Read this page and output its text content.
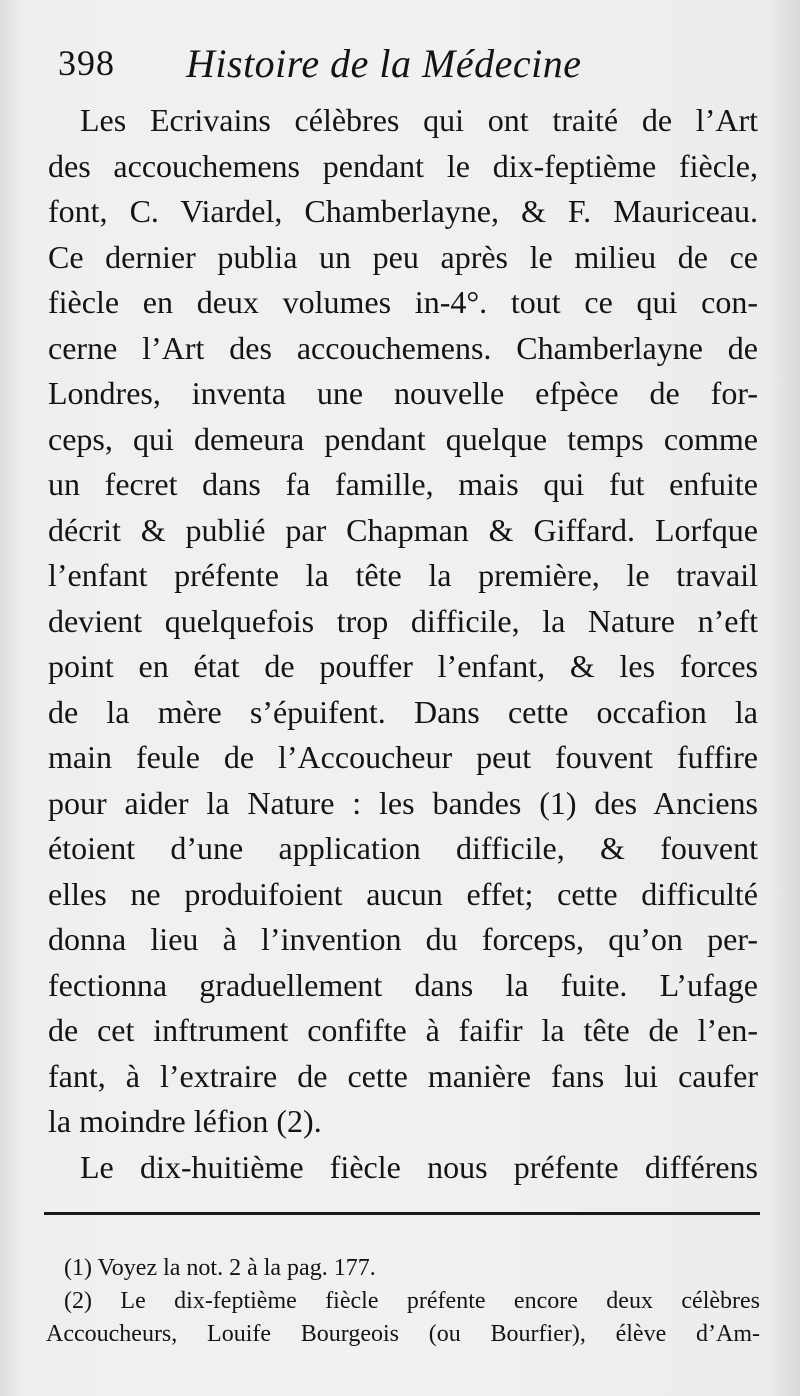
398 Histoire de la Médecine
Les Ecrivains célèbres qui ont traité de l’Art
des accouchemens pendant le dix-feptième fiècle,
font, C. Viardel, Chamberlayne, & F. Mauriceau.
Ce dernier publia un peu après le milieu de ce
fiècle en deux volumes in-4°. tout ce qui con-
cerne l’Art des accouchemens. Chamberlayne de
Londres, inventa une nouvelle efpèce de for-
ceps, qui demeura pendant quelque temps comme
un fecret dans fa famille, mais qui fut enfuite
décrit & publié par Chapman & Giffard. Lorfque
l’enfant préfente la tête la première, le travail
devient quelquefois trop difficile, la Nature n’eft
point en état de pouffer l’enfant, & les forces
de la mère s’épuifent. Dans cette occafion la
main feule de l’Accoucheur peut fouvent fuffire
pour aider la Nature : les bandes (1) des Anciens
étoient d’une application difficile, & fouvent
elles ne produifoient aucun effet; cette difficulté
donna lieu à l’invention du forceps, qu’on per-
fectionna graduellement dans la fuite. L’ufage
de cet inftrument confifte à faifir la tête de l’en-
fant, à l’extraire de cette manière fans lui caufer
la moindre léfion (2).
Le dix-huitième fiècle nous préfente différens
(1) Voyez la not. 2 à la pag. 177.
(2) Le dix-feptième fiècle préfente encore deux célèbres
Accoucheurs, Louife Bourgeois (ou Bourfier), élève d’Am-
